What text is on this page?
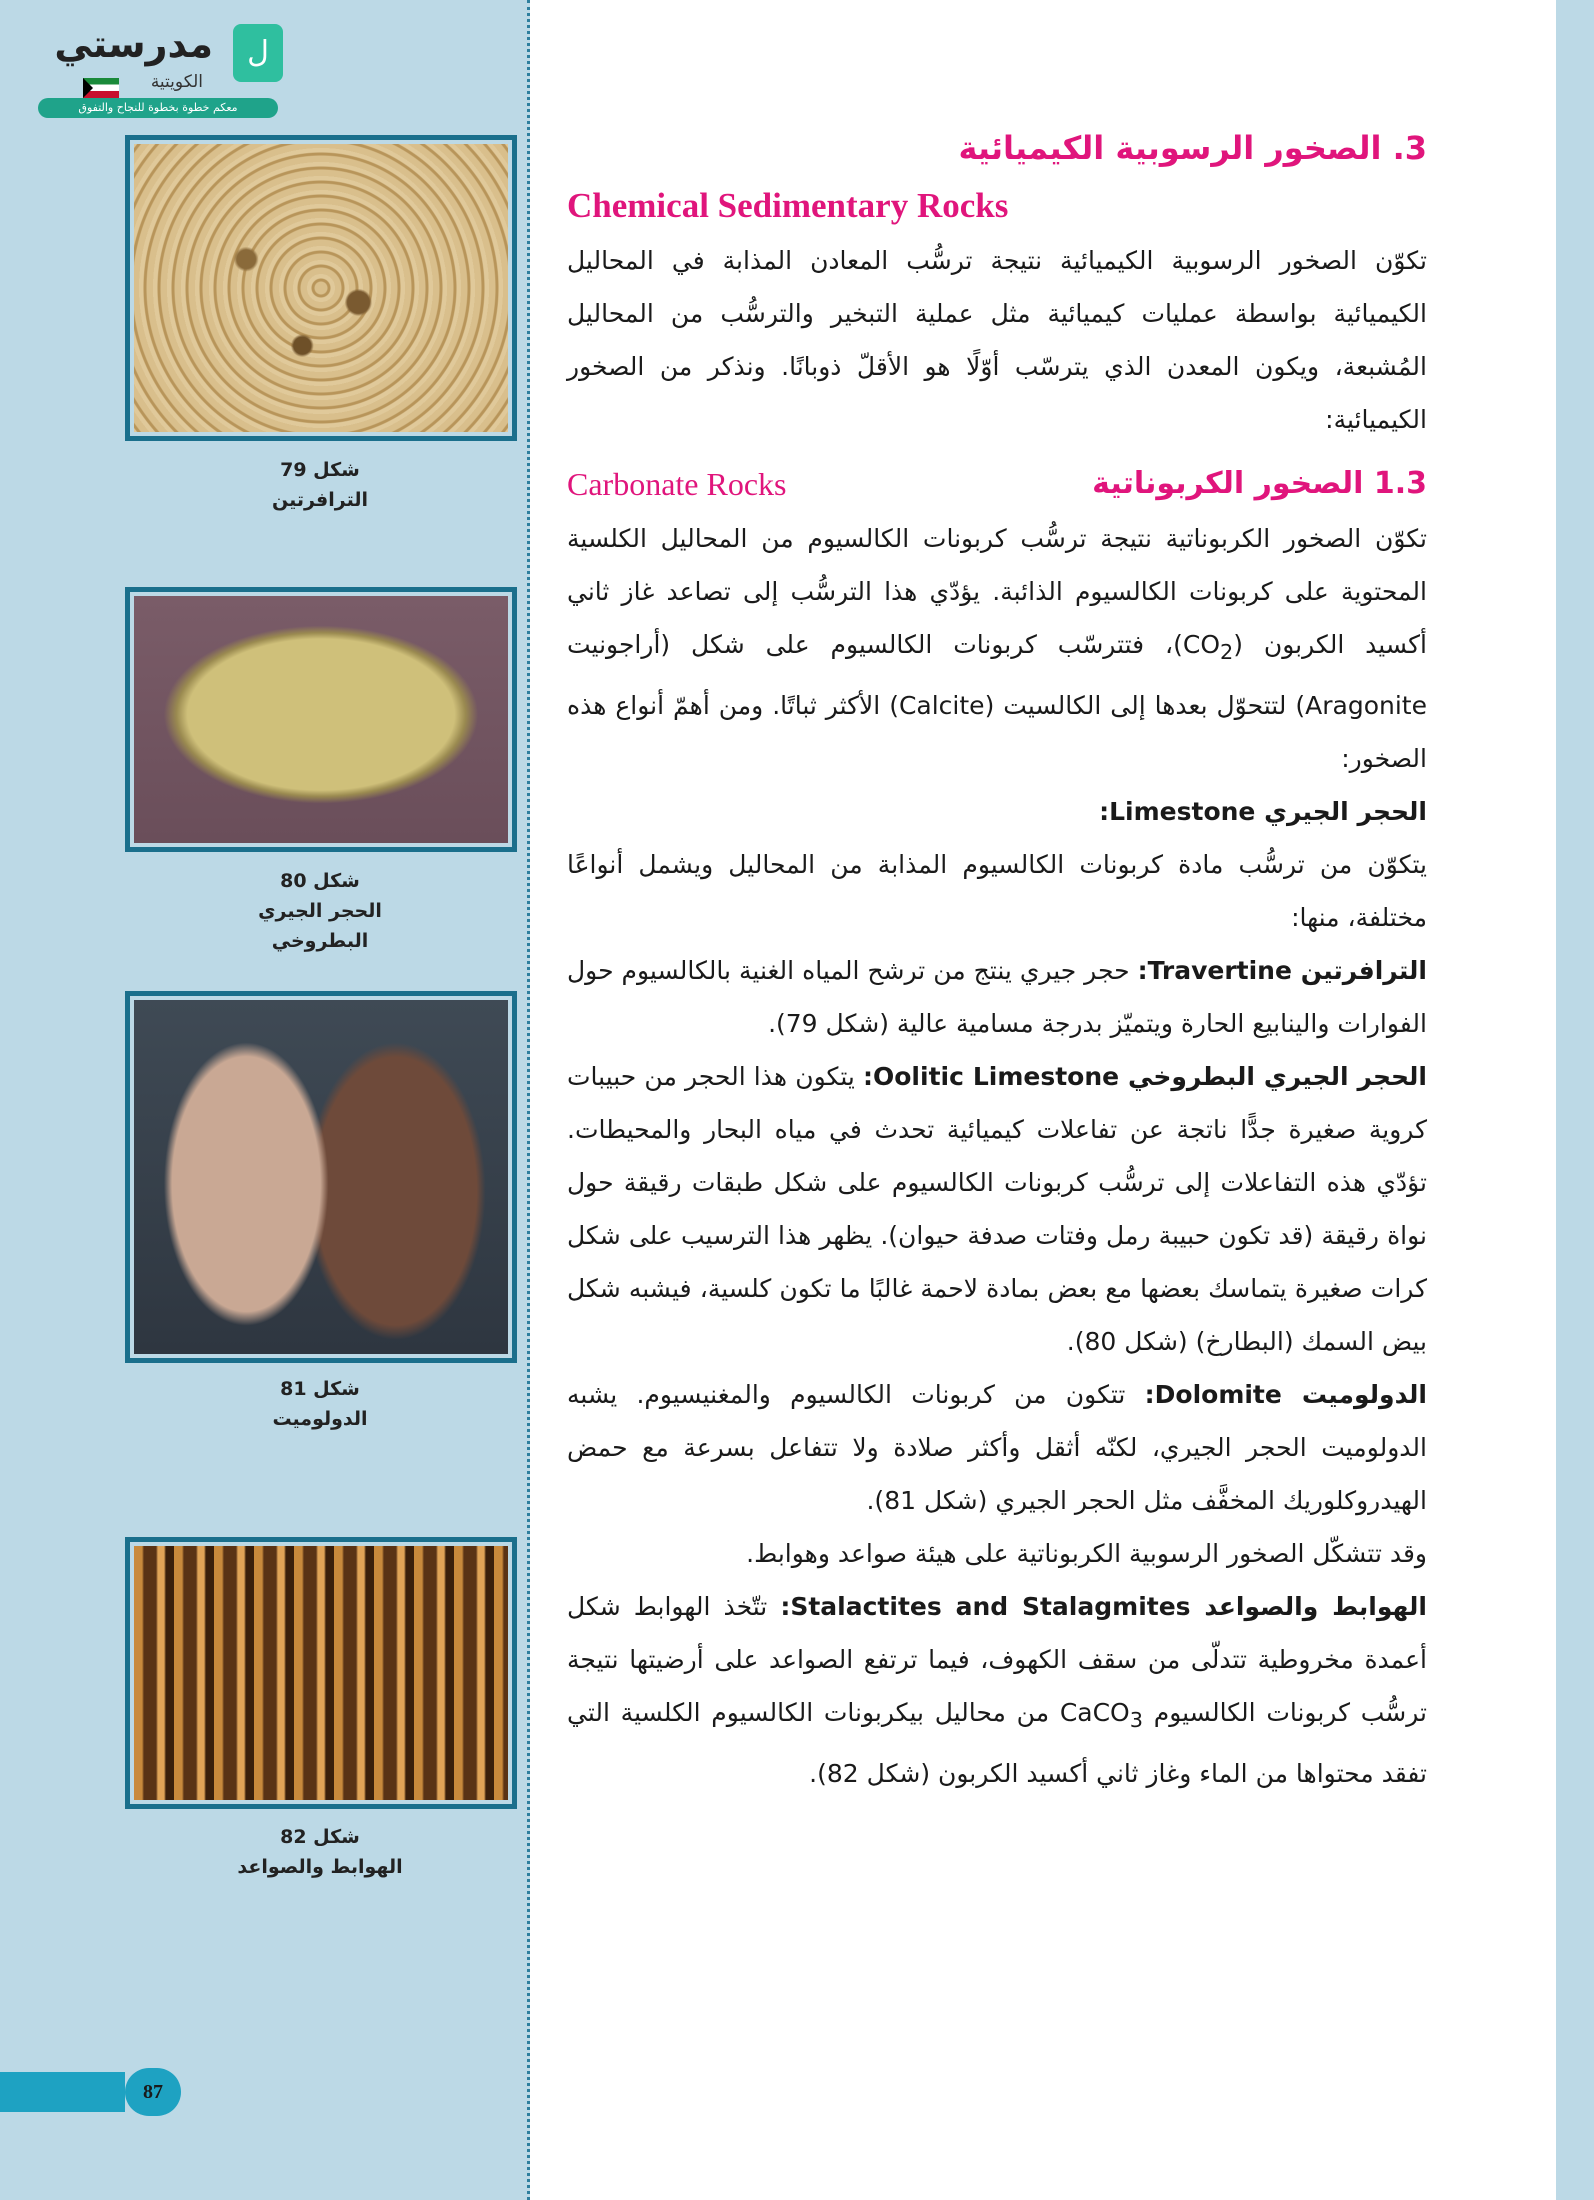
ل
مدرستي
الكويتية
معكم خطوة بخطوة للنجاح والتفوق
شكل 79
الترافرتين
شكل 80
الحجر الجيري البطروخي
شكل 81
الدولوميت
شكل 82
الهوابط والصواعد
87
3. الصخور الرسوبية الكيميائية
Chemical Sedimentary Rocks

تكوّن الصخور الرسوبية الكيميائية نتيجة ترسُّب المعادن المذابة في المحاليل الكيميائية بواسطة عمليات كيميائية مثل عملية التبخير والترسُّب من المحاليل المُشبعة، ويكون المعدن الذي يترسّب أوّلًا هو الأقلّ ذوبانًا. ونذكر من الصخور الكيميائية:

1.3 الصخور الكربوناتية
Carbonate Rocks

تكوّن الصخور الكربوناتية نتيجة ترسُّب كربونات الكالسيوم من المحاليل الكلسية المحتوية على كربونات الكالسيوم الذائبة. يؤدّي هذا الترسُّب إلى تصاعد غاز ثاني أكسيد الكربون $(CO_2)،$ فتترسّب كربونات الكالسيوم على شكل (أراجونيت Aragonite) لتتحوّل بعدها إلى الكالسيت (Calcite) الأكثر ثباتًا. ومن أهمّ أنواع هذه الصخور:

الحجر الجيري Limestone:

يتكوّن من ترسُّب مادة كربونات الكالسيوم المذابة من المحاليل ويشمل أنواعًا مختلفة، منها:

الترافرتين Travertine: حجر جيري ينتج من ترشح المياه الغنية بالكالسيوم حول الفوارات والينابيع الحارة ويتميّز بدرجة مسامية عالية (شكل 79).

الحجر الجيري البطروخي Oolitic Limestone: يتكون هذا الحجر من حبيبات كروية صغيرة جدًّا ناتجة عن تفاعلات كيميائية تحدث في مياه البحار والمحيطات. تؤدّي هذه التفاعلات إلى ترسُّب كربونات الكالسيوم على شكل طبقات رقيقة حول نواة رقيقة (قد تكون حبيبة رمل وفتات صدفة حيوان). يظهر هذا الترسيب على شكل كرات صغيرة يتماسك بعضها مع بعض بمادة لاحمة غالبًا ما تكون كلسية، فيشبه شكل بيض السمك (البطارخ) (شكل 80).

الدولوميت Dolomite: تتكون من كربونات الكالسيوم والمغنيسيوم. يشبه الدولوميت الحجر الجيري، لكنّه أثقل وأكثر صلادة ولا تتفاعل بسرعة مع حمض الهيدروكلوريك المخفَّف مثل الحجر الجيري (شكل 81).

وقد تتشكّل الصخور الرسوبية الكربوناتية على هيئة صواعد وهوابط.

الهوابط والصواعد Stalactites and Stalagmites: تتّخذ الهوابط شكل أعمدة مخروطية تتدلّى من سقف الكهوف، فيما ترتفع الصواعد على أرضيتها نتيجة ترسُّب كربونات الكالسيوم CaCO$_3$ من محاليل بيكربونات الكالسيوم الكلسية التي تفقد محتواها من الماء وغاز ثاني أكسيد الكربون (شكل 82).
